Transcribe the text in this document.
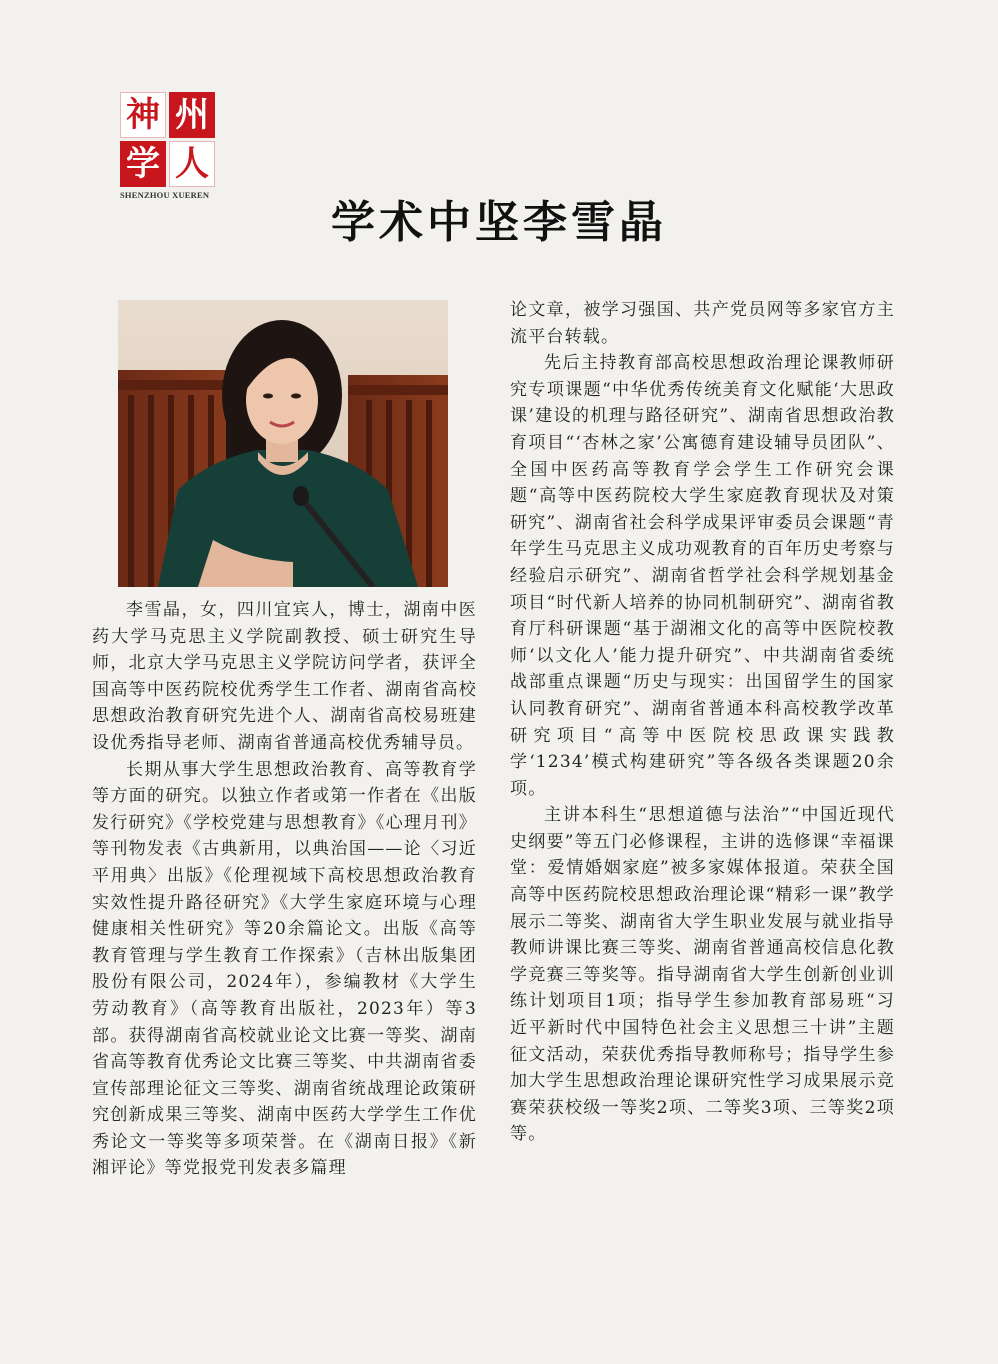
神 州
学 人
SHENZHOU XUEREN
学术中坚李雪晶

李雪晶，女，四川宜宾人，博士，湖南中医药大学马克思主义学院副教授、硕士研究生导师，北京大学马克思主义学院访问学者，获评全国高等中医药院校优秀学生工作者、湖南省高校思想政治教育研究先进个人、湖南省高校易班建设优秀指导老师、湖南省普通高校优秀辅导员。

长期从事大学生思想政治教育、高等教育学等方面的研究。以独立作者或第一作者在《出版发行研究》《学校党建与思想教育》《心理月刊》等刊物发表《古典新用，以典治国——论〈习近平用典〉出版》《伦理视域下高校思想政治教育实效性提升路径研究》《大学生家庭环境与心理健康相关性研究》等20余篇论文。出版《高等教育管理与学生教育工作探索》（吉林出版集团股份有限公司，2024年），参编教材《大学生劳动教育》（高等教育出版社，2023年）等3部。获得湖南省高校就业论文比赛一等奖、湖南省高等教育优秀论文比赛三等奖、中共湖南省委宣传部理论征文三等奖、湖南省统战理论政策研究创新成果三等奖、湖南中医药大学学生工作优秀论文一等奖等多项荣誉。在《湖南日报》《新湘评论》等党报党刊发表多篇理

论文章，被学习强国、共产党员网等多家官方主流平台转载。

先后主持教育部高校思想政治理论课教师研究专项课题“中华优秀传统美育文化赋能‘大思政课’建设的机理与路径研究”、湖南省思想政治教育项目“‘杏林之家’公寓德育建设辅导员团队”、全国中医药高等教育学会学生工作研究会课题“高等中医药院校大学生家庭教育现状及对策研究”、湖南省社会科学成果评审委员会课题“青年学生马克思主义成功观教育的百年历史考察与经验启示研究”、湖南省哲学社会科学规划基金项目“时代新人培养的协同机制研究”、湖南省教育厅科研课题“基于湖湘文化的高等中医院校教师‘以文化人’能力提升研究”、中共湖南省委统战部重点课题“历史与现实：出国留学生的国家认同教育研究”、湖南省普通本科高校教学改革研究项目“高等中医院校思政课实践教学‘1234’模式构建研究”等各级各类课题20余项。

主讲本科生“思想道德与法治”“中国近现代史纲要”等五门必修课程，主讲的选修课“幸福课堂：爱情婚姻家庭”被多家媒体报道。荣获全国高等中医药院校思想政治理论课“精彩一课”教学展示二等奖、湖南省大学生职业发展与就业指导教师讲课比赛三等奖、湖南省普通高校信息化教学竞赛三等奖等。指导湖南省大学生创新创业训练计划项目1项；指导学生参加教育部易班“习近平新时代中国特色社会主义思想三十讲”主题征文活动，荣获优秀指导教师称号；指导学生参加大学生思想政治理论课研究性学习成果展示竞赛荣获校级一等奖2项、二等奖3项、三等奖2项等。
